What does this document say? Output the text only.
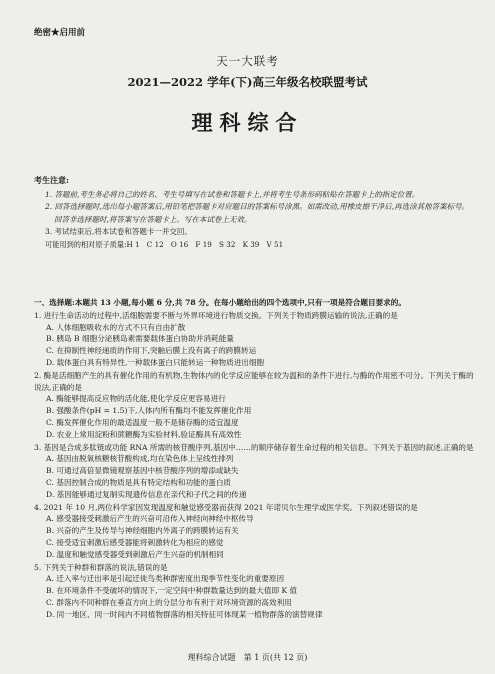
绝密★启用前
天一大联考
2021—2022 学年(下)高三年级名校联盟考试
理科综合
考生注意:
1. 答题前,考生务必将自己的姓名、考生号填写在试卷和答题卡上,并将考生号条形码粘贴在答题卡上的指定位置。
2. 回答选择题时,选出每小题答案后,用铅笔把答题卡对应题目的答案标号涂黑。如需改动,用橡皮擦干净后,再选涂其他答案标号。回答非选择题时,将答案写在答题卡上。写在本试卷上无效。
3. 考试结束后,将本试卷和答题卡一并交回。
可能用到的相对原子质量:H 1　C 12　O 16　F 19　S 32　K 39　V 51
一、选择题:本题共 13 小题,每小题 6 分,共 78 分。在每小题给出的四个选项中,只有一项是符合题目要求的。
1. 进行生命活动的过程中,活细胞需要不断与外界环境进行物质交换。下列关于物质跨膜运输的说法,正确的是
A. 人体细胞吸收水的方式不只有自由扩散
B. 胰岛 B 细胞分泌胰岛素需要载体蛋白协助并消耗能量
C. 在抑制性神经递质的作用下,突触后膜上没有离子的跨膜转运
D. 载体蛋白具有特异性,一种载体蛋白只能转运一种物质进出细胞
2. 酶是活细胞产生的具有催化作用的有机物,生物体内的化学反应能够在较为温和的条件下进行,与酶的作用密不可分。下列关于酶的说法,正确的是
A. 酶能够提高反应物的活化能,使化学反应更容易进行
B. 强酸条件(pH = 1.5)下,人体内所有酶均不能发挥催化作用
C. 酶发挥催化作用的最适温度一般不是储存酶的适宜温度
D. 农业上常用淀粉和蔗糖酶为实验材料,验证酶具有高效性
3. 基因是合成多肽链或功能 RNA 所需的核苷酸序列,基因中……的顺序储存着生命过程的相关信息。下列关于基因的叙述,正确的是
A. 基因由脱氧核糖核苷酸构成,均在染色体上呈线性排列
B. 可通过高倍显微镜观察基因中核苷酸序列的增添或缺失
C. 基因控制合成的物质是具有特定结构和功能的蛋白质
D. 基因能够通过复制实现遗传信息在亲代和子代之间的传递
4. 2021 年 10 月,两位科学家因发现温度和触觉感受器而获得 2021 年诺贝尔生理学或医学奖。下列叙述错误的是
A. 感受器接受刺激后产生的兴奋可沿传入神经向神经中枢传导
B. 兴奋的产生及传导与神经细胞内外离子的跨膜转运有关
C. 接受适宜刺激后感受器能将刺激转化为相应的感觉
D. 温度和触觉感受器受到刺激后产生兴奋的机制相同
5. 下列关于种群和群落的说法,错误的是
A. 迁入率与迁出率是引起迁徙鸟类种群密度出现季节性变化的重要原因
B. 在环境条件不受破坏的情况下,一定空间中种群数量达到的最大值即 K 值
C. 群落内不同种群在垂直方向上的分层分布有利于对环境资源的高效利用
D. 同一地区、同一时间内不同植物群落的相关特征可体现某一植物群落的演替规律
理科综合试题　第 1 页(共 12 页)
